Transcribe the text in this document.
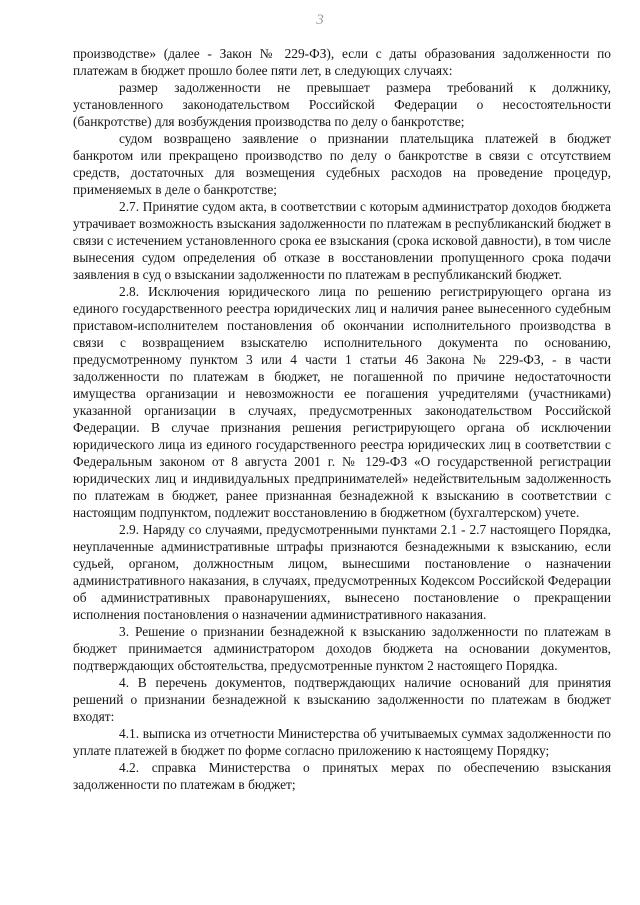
3

производстве» (далее - Закон № 229-ФЗ), если с даты образования задолженности по платежам в бюджет прошло более пяти лет, в следующих случаях:

размер задолженности не превышает размера требований к должнику, установленного законодательством Российской Федерации о несостоятельности (банкротстве) для возбуждения производства по делу о банкротстве;

судом возвращено заявление о признании плательщика платежей в бюджет банкротом или прекращено производство по делу о банкротстве в связи с отсутствием средств, достаточных для возмещения судебных расходов на проведение процедур, применяемых в деле о банкротстве;

2.7. Принятие судом акта, в соответствии с которым администратор доходов бюджета утрачивает возможность взыскания задолженности по платежам в республиканский бюджет в связи с истечением установленного срока ее взыскания (срока исковой давности), в том числе вынесения судом определения об отказе в восстановлении пропущенного срока подачи заявления в суд о взыскании задолженности по платежам в республиканский бюджет.

2.8. Исключения юридического лица по решению регистрирующего органа из единого государственного реестра юридических лиц и наличия ранее вынесенного судебным приставом-исполнителем постановления об окончании исполнительного производства в связи с возвращением взыскателю исполнительного документа по основанию, предусмотренному пунктом 3 или 4 части 1 статьи 46 Закона № 229-ФЗ, - в части задолженности по платежам в бюджет, не погашенной по причине недостаточности имущества организации и невозможности ее погашения учредителями (участниками) указанной организации в случаях, предусмотренных законодательством Российской Федерации. В случае признания решения регистрирующего органа об исключении юридического лица из единого государственного реестра юридических лиц в соответствии с Федеральным законом от 8 августа 2001 г. № 129-ФЗ «О государственной регистрации юридических лиц и индивидуальных предпринимателей» недействительным задолженность по платежам в бюджет, ранее признанная безнадежной к взысканию в соответствии с настоящим подпунктом, подлежит восстановлению в бюджетном (бухгалтерском) учете.

2.9. Наряду со случаями, предусмотренными пунктами 2.1 - 2.7 настоящего Порядка, неуплаченные административные штрафы признаются безнадежными к взысканию, если судьей, органом, должностным лицом, вынесшими постановление о назначении административного наказания, в случаях, предусмотренных Кодексом Российской Федерации об административных правонарушениях, вынесено постановление о прекращении исполнения постановления о назначении административного наказания.

3. Решение о признании безнадежной к взысканию задолженности по платежам в бюджет принимается администратором доходов бюджета на основании документов, подтверждающих обстоятельства, предусмотренные пунктом 2 настоящего Порядка.

4. В перечень документов, подтверждающих наличие оснований для принятия решений о признании безнадежной к взысканию задолженности по платежам в бюджет входят:

4.1. выписка из отчетности Министерства об учитываемых суммах задолженности по уплате платежей в бюджет по форме согласно приложению к настоящему Порядку;

4.2. справка Министерства о принятых мерах по обеспечению взыскания задолженности по платежам в бюджет;
